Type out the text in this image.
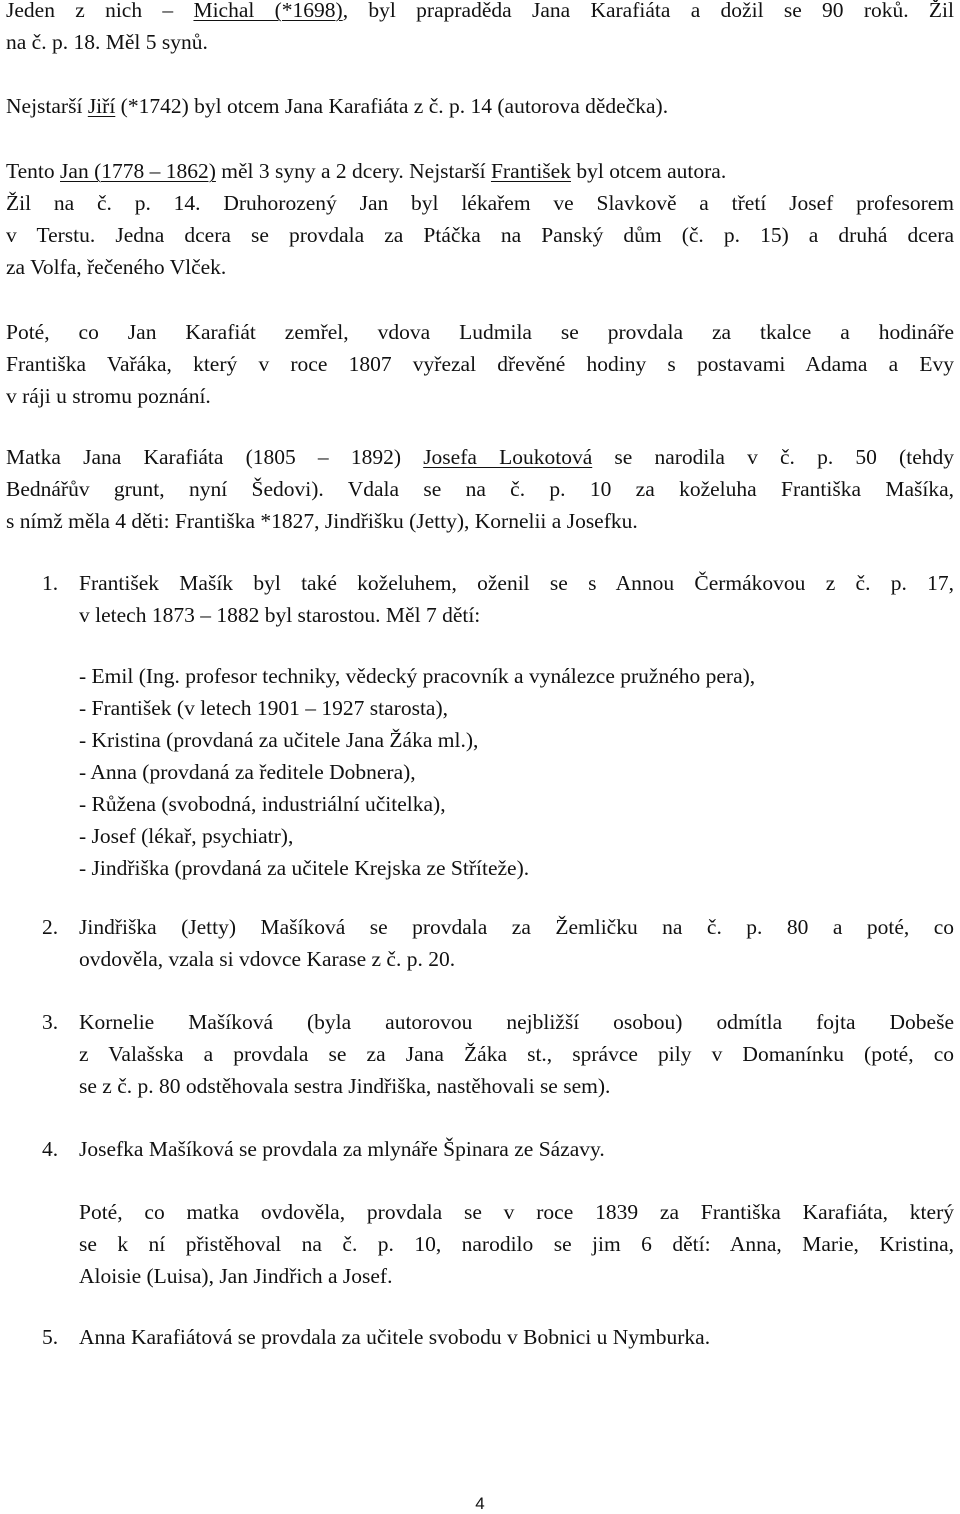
Jeden z nich – Michal (*1698), byl prapraděda Jana Karafiáta a dožil se 90 roků. Žil
na č. p. 18. Měl 5 synů.

Nejstarší Jiří (*1742) byl otcem Jana Karafiáta z č. p. 14 (autorova dědečka).

Tento Jan (1778 – 1862) měl 3 syny a 2 dcery. Nejstarší František byl otcem autora.
Žil na č. p. 14. Druhorozený Jan byl lékařem ve Slavkově a třetí Josef profesorem
v Terstu. Jedna dcera se provdala za Ptáčka na Panský dům (č. p. 15) a druhá dcera
za Volfa, řečeného Vlček.

Poté, co Jan Karafiát zemřel, vdova Ludmila se provdala za tkalce a hodináře
Františka Vařáka, který v roce 1807 vyřezal dřevěné hodiny s postavami Adama a Evy
v ráji u stromu poznání.

Matka Jana Karafiáta (1805 – 1892) Josefa Loukotová se narodila v č. p. 50 (tehdy
Bednářův grunt, nyní Šedovi). Vdala se na č. p. 10 za koželuha Františka Mašíka,
s nímž měla 4 děti: Františka *1827, Jindřišku (Jetty), Kornelii a Josefku.

1. František Mašík byl také koželuhem, oženil se s Annou Čermákovou z č. p. 17,
v letech 1873 – 1882 byl starostou. Měl 7 dětí:

- Emil (Ing. profesor techniky, vědecký pracovník a vynálezce pružného pera),
- František (v letech 1901 – 1927 starosta),
- Kristina (provdaná za učitele Jana Žáka ml.),
- Anna (provdaná za ředitele Dobnera),
- Růžena (svobodná, industriální učitelka),
- Josef (lékař, psychiatr),
- Jindřiška (provdaná za učitele Krejska ze Stříteže).
2. Jindřiška (Jetty) Mašíková se provdala za Žemličku na č. p. 80 a poté, co
ovdověla, vzala si vdovce Karase z č. p. 20.

3. Kornelie Mašíková (byla autorovou nejbližší osobou) odmítla fojta Dobeše
z Valašska a provdala se za Jana Žáka st., správce pily v Domanínku (poté, co
se z č. p. 80 odstěhovala sestra Jindřiška, nastěhovali se sem).

4. Josefka Mašíková se provdala za mlynáře Špinara ze Sázavy.

Poté, co matka ovdověla, provdala se v roce 1839 za Františka Karafiáta, který
se k ní přistěhoval na č. p. 10, narodilo se jim 6 dětí: Anna, Marie, Kristina,
Aloisie (Luisa), Jan Jindřich a Josef.
5. Anna Karafiátová se provdala za učitele svobodu v Bobnici u Nymburka.

4
